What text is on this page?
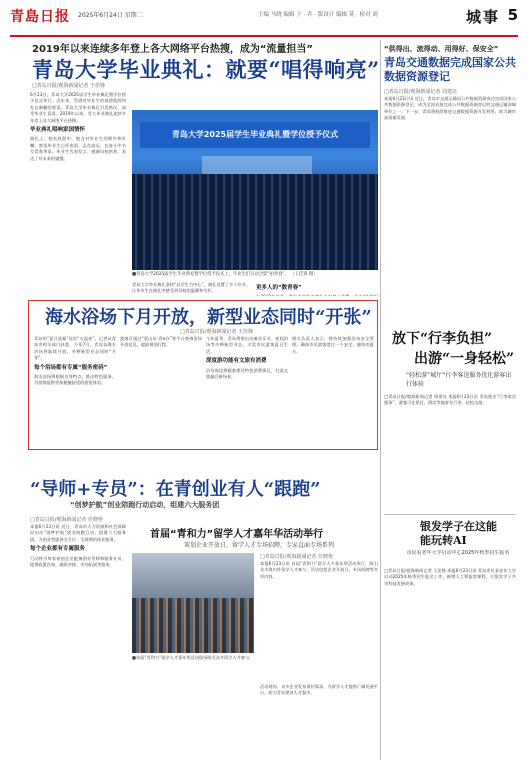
青島日报 2025年6月24日 星期二	主编 马晓 编辑 于 · 乔 · 版设计 编辑 莫 · 检对 刘	城事 5
2019年以来连续多年登上各大网络平台热搜，成为“流量担当”
青岛大学毕业典礼：就要“唱得响亮”
□青岛日报/观海新闻记者 王佳锋
6月23日，青岛大学2025届学生毕业典礼暨学位授予仪式举行。近年来，凭借对毕业生的真情致辞和发自肺腑的寄语，青岛大学毕业典礼引发热议，深受毕业生喜爱。2019年以来，青大毕业典礼连续多年登上各大网络平台热搜。
毕业典礼唱响家国情怀
典礼上，校长致辞中，饱含对毕业生的期许和叮嘱，寄语毕业生心怀家国、志存高远，在奋斗中书写青春华章。毕业生代表发言，感谢母校培养，表达了对未来的憧憬。
青岛大学2025届学生毕业典礼暨学位授予仪式
■青岛大学2025届学生毕业典礼暨学位授予仪式上，毕业生们互动合影“拍青春”。 （王佳锋 摄）
青岛大学毕业典礼坚持“以学生为中心”，典礼设置了多个环节，让毕业生在典礼中感受到母校的温暖和关怀。	更多人的“数青春”
“供得出、流得动、用得好、保安全”
青岛交通数据完成国家公共数据资源登记
□青岛日报/观海新闻记者 周建亮
本报6月23日讯 近日，青岛市交通运输局公共数据资源成功完成国家公共数据资源登记，成为全国首批完成公共数据资源登记的交通运输领域单位之一。下一步，青岛将持续推进交通数据资源开发利用，助力城市高质量发展。
放下“行李负担”
出游“一身轻松”
“轻松游”城厅“行李客送服务优化游客出行体验
□青岛日报/观海新闻记者 周建亮 本报6月23日讯 青岛推出“行李寄送服务”，游客可在景区、酒店等地寄存行李，轻松出游。
银发学子在这能能玩转AI
市民看老年大学启动中心2025年秋季招生报名
□青岛日报/观海新闻记者 王佳锋 本报6月23日讯 青岛市民看老年大学启动2025年秋季招生报名工作，新增人工智能等课程，让银发学子共享科技发展成果。
海水浴场下月开放，新型业态同时“开张”
□青岛日报/观海新闻记者 王佳锋
青岛的“夏日流量”再次“火起来”。记者从青岛市相关部门获悉，今年7月，青岛各海水浴场将陆续开放，多种新型业态同时“开张”。
每个浴场都有专属“服务密码”
海水浴场将根据自身特点，推出特色服务，为游客提供更加便捷舒适的游览体验。
游客可通过“爱山东·青e办”等平台查询浴场开放信息，提前规划行程。
今年夏季，青岛将推出沙滩音乐节、夜间浴场等多种新型业态，丰富市民游客夏日生活。
深度游功能有文旅有消费
浴场周边将配套建设特色消费街区，打造文旅融合新场景。
相关负责人表示，将持续加强浴场安全管理，确保市民游客度过一个安全、愉快的夏天。
“导师+专员”：在青创业有人“跟跑”
“创梦护航”创业陪跑行动启动，组建六大服务团
□青岛日报/观海新闻记者 任晓艳
本报6月23日讯 近日，青岛市人力资源和社会保障局启动“创梦护航”创业陪跑行动，组建六大服务团，为创业者提供全方位、全周期的创业服务。
每个企业都有专属服务
行动将为每家初创企业配备创业导师和服务专员，提供政策咨询、融资对接、市场拓展等服务。
首届“青和力”留学人才嘉年华活动举行
策划企业开放日，留学人才专场招聘，专家直面专场系列
■首届“青和力”留学人才嘉年华活动现场吸引众多留学人才参与。
□青岛日报/观海新闻记者 任晓艳
本报6月23日讯 首届“青和力”留学人才嘉年华活动举行，吸引众多海内外留学人才参与，活动包括企业开放日、专场招聘等多项内容。
活动现场，众多企业发布岗位需求，为留学人才提供广阔发展平台，助力青岛建设人才强市。
